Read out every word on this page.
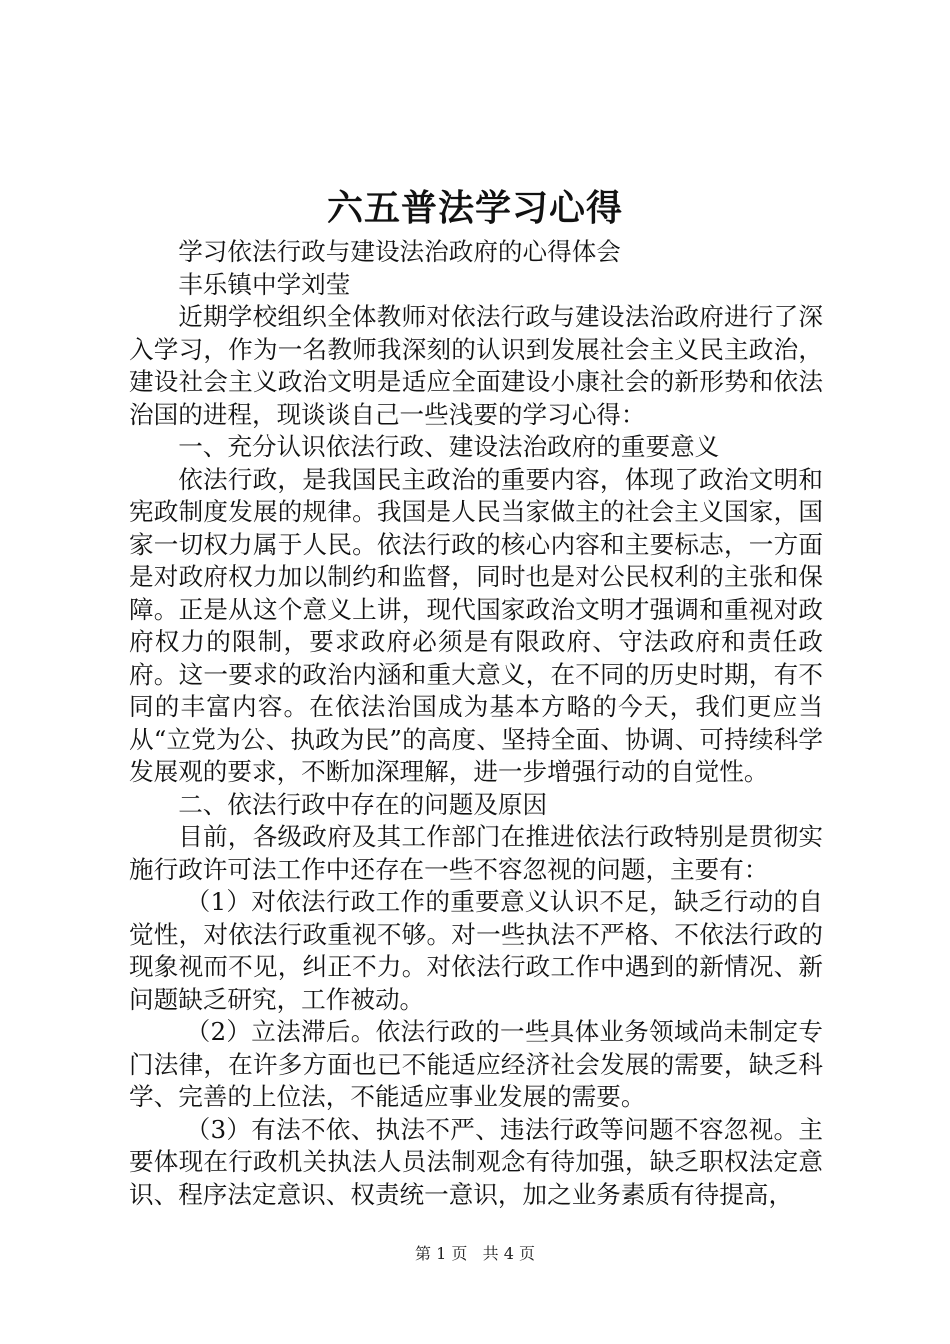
六五普法学习心得

学习依法行政与建设法治政府的心得体会

丰乐镇中学刘莹

近期学校组织全体教师对依法行政与建设法治政府进行了深入学习，作为一名教师我深刻的认识到发展社会主义民主政治，建设社会主义政治文明是适应全面建设小康社会的新形势和依法治国的进程，现谈谈自己一些浅要的学习心得：

一、充分认识依法行政、建设法治政府的重要意义

依法行政，是我国民主政治的重要内容，体现了政治文明和宪政制度发展的规律。我国是人民当家做主的社会主义国家，国家一切权力属于人民。依法行政的核心内容和主要标志，一方面是对政府权力加以制约和监督，同时也是对公民权利的主张和保障。正是从这个意义上讲，现代国家政治文明才强调和重视对政府权力的限制，要求政府必须是有限政府、守法政府和责任政府。这一要求的政治内涵和重大意义，在不同的历史时期，有不同的丰富内容。在依法治国成为基本方略的今天，我们更应当从“立党为公、执政为民”的高度、坚持全面、协调、可持续科学发展观的要求，不断加深理解，进一步增强行动的自觉性。

二、依法行政中存在的问题及原因

目前，各级政府及其工作部门在推进依法行政特别是贯彻实施行政许可法工作中还存在一些不容忽视的问题，主要有：

（1）对依法行政工作的重要意义认识不足，缺乏行动的自觉性，对依法行政重视不够。对一些执法不严格、不依法行政的现象视而不见，纠正不力。对依法行政工作中遇到的新情况、新问题缺乏研究，工作被动。

（2）立法滞后。依法行政的一些具体业务领域尚未制定专门法律，在许多方面也已不能适应经济社会发展的需要，缺乏科学、完善的上位法，不能适应事业发展的需要。

（3）有法不依、执法不严、违法行政等问题不容忽视。主要体现在行政机关执法人员法制观念有待加强，缺乏职权法定意识、程序法定意识、权责统一意识，加之业务素质有待提高，

第 1 页   共 4 页
